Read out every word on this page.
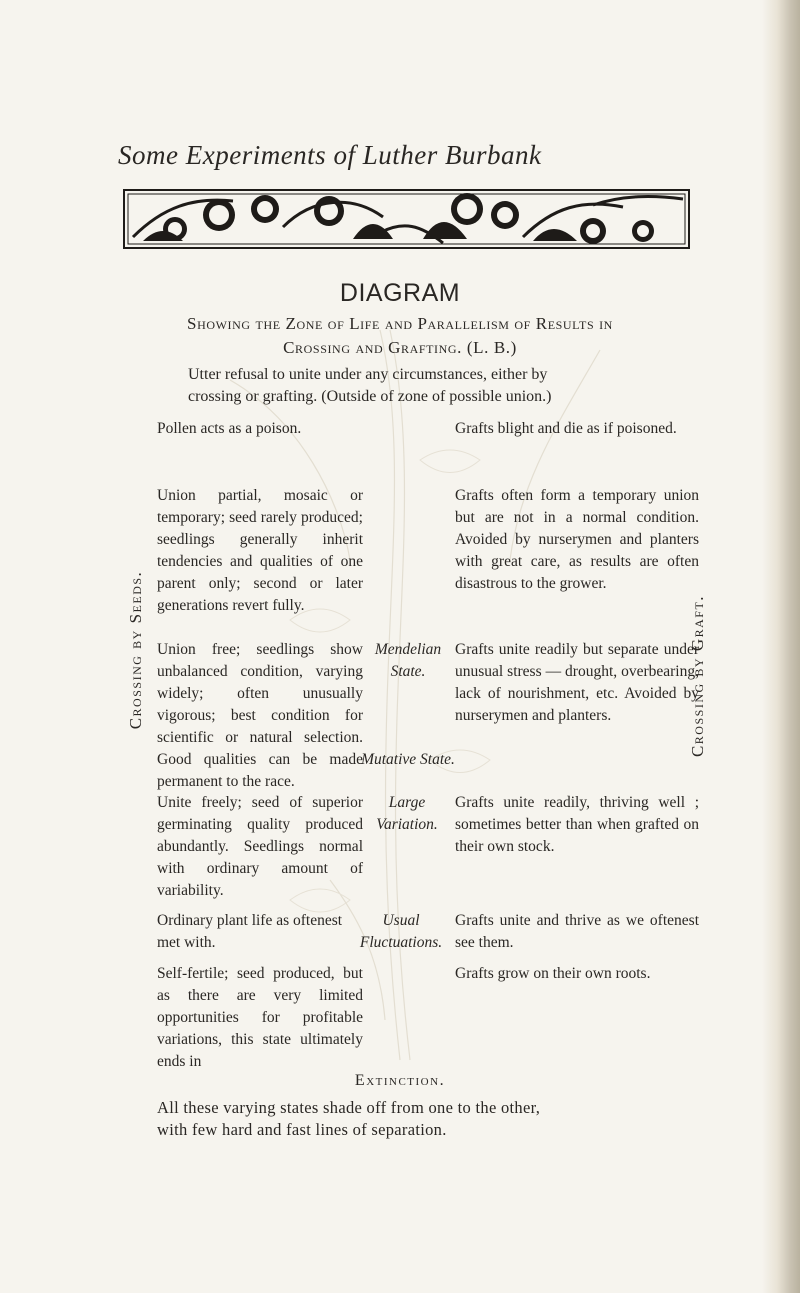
Some Experiments of Luther Burbank
DIAGRAM
Showing the Zone of Life and Parallelism of Results in
Crossing and Grafting. (L. B.)
Utter refusal to unite under any circumstances, either by
crossing or grafting. (Outside of zone of possible union.)
Crossing by Seeds.	Crossing by Graft.
Pollen acts as a poison.	Grafts blight and die as if poisoned.
Union partial, mosaic or temporary; seed rarely produced; seedlings generally inherit tendencies and qualities of one parent only; second or later generations revert fully.
Grafts often form a temporary union but are not in a normal condition. Avoided by nurserymen and planters with great care, as results are often disastrous to the grower.
Union free; seedlings show unbalanced condition, varying widely; often unusually vigorous; best condition for scientific or natural selection. Good qualities can be made permanent to the race.
Mendelian State.
Mutative State.
Grafts unite readily but separate under unusual stress — drought, overbearing, lack of nourishment, etc. Avoided by nurserymen and planters.
Unite freely; seed of superior germinating quality produced abundantly. Seedlings normal with ordinary amount of variability.
Large Variation.
Grafts unite readily, thriving well ; sometimes better than when grafted on their own stock.
Ordinary plant life as oftenest met with.
Usual Fluctuations.
Grafts unite and thrive as we oftenest see them.
Self-fertile; seed produced, but as there are very limited opportunities for profitable variations, this state ultimately ends in
Grafts grow on their own roots.
Extinction.
All these varying states shade off from one to the other,
with few hard and fast lines of separation.
